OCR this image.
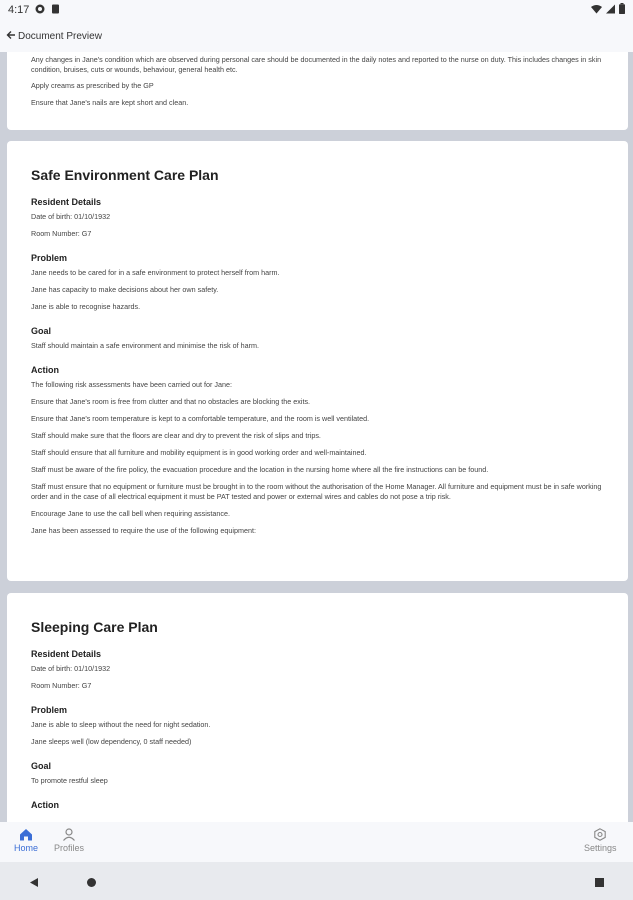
4:17
Document Preview

Any changes in Jane's condition which are observed during personal care should be documented in the daily notes and reported to the nurse on duty. This includes changes in skin condition, bruises, cuts or wounds, behaviour, general health etc.

Apply creams as prescribed by the GP

Ensure that Jane's nails are kept short and clean.

Safe Environment Care Plan
Resident Details

Date of birth: 01/10/1932

Room Number: G7

Problem

Jane needs to be cared for in a safe environment to protect herself from harm.

Jane has capacity to make decisions about her own safety.

Jane is able to recognise hazards.

Goal

Staff should maintain a safe environment and minimise the risk of harm.

Action

The following risk assessments have been carried out for Jane:

Ensure that Jane's room is free from clutter and that no obstacles are blocking the exits.

Ensure that Jane's room temperature is kept to a comfortable temperature, and the room is well ventilated.

Staff should make sure that the floors are clear and dry to prevent the risk of slips and trips.

Staff should ensure that all furniture and mobility equipment is in good working order and well-maintained.

Staff must be aware of the fire policy, the evacuation procedure and the location in the nursing home where all the fire instructions can be found.

Staff must ensure that no equipment or furniture must be brought in to the room without the authorisation of the Home Manager. All furniture and equipment must be in safe working order and in the case of all electrical equipment it must be PAT tested and power or external wires and cables do not pose a trip risk.

Encourage Jane to use the call bell when requiring assistance.

Jane has been assessed to require the use of the following equipment:

Sleeping Care Plan
Resident Details

Date of birth: 01/10/1932

Room Number: G7

Problem

Jane is able to sleep without the need for night sedation.

Jane sleeps well (low dependency, 0 staff needed)

Goal

To promote restful sleep

Action
Home Profiles	Settings
